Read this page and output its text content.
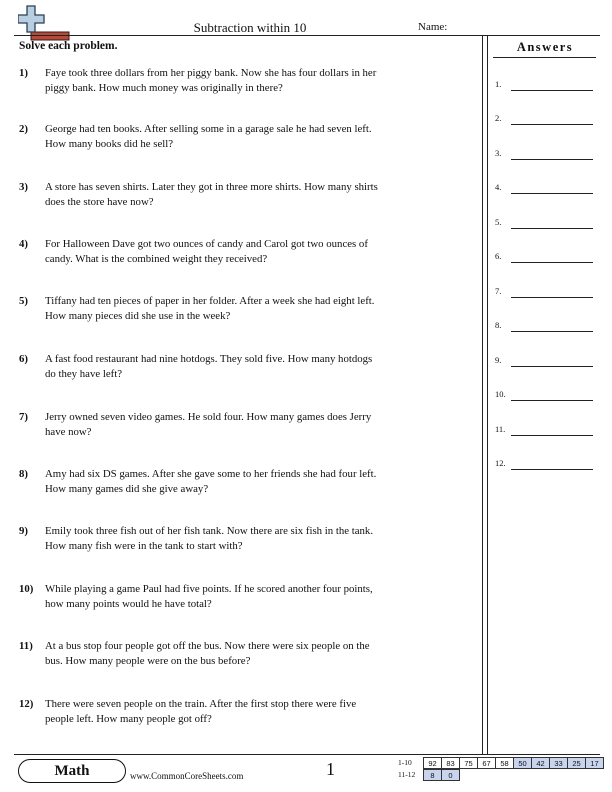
Subtraction within 10	Name:
Solve each problem.
1) Faye took three dollars from her piggy bank. Now she has four dollars in her piggy bank. How much money was originally in there?
2) George had ten books. After selling some in a garage sale he had seven left. How many books did he sell?
3) A store has seven shirts. Later they got in three more shirts. How many shirts does the store have now?
4) For Halloween Dave got two ounces of candy and Carol got two ounces of candy. What is the combined weight they received?
5) Tiffany had ten pieces of paper in her folder. After a week she had eight left. How many pieces did she use in the week?
6) A fast food restaurant had nine hotdogs. They sold five. How many hotdogs do they have left?
7) Jerry owned seven video games. He sold four. How many games does Jerry have now?
8) Amy had six DS games. After she gave some to her friends she had four left. How many games did she give away?
9) Emily took three fish out of her fish tank. Now there are six fish in the tank. How many fish were in the tank to start with?
10) While playing a game Paul had five points. If he scored another four points, how many points would he have total?
11) At a bus stop four people got off the bus. Now there were six people on the bus. How many people were on the bus before?
12) There were seven people on the train. After the first stop there were five people left. How many people got off?
Answers
1.
2.
3.
4.
5.
6.
7.
8.
9.
10.
11.
12.
Math	www.CommonCoreSheets.com	1	1-10 92	83	75	67	58	50	42	33	25	17
11-12 8	0
